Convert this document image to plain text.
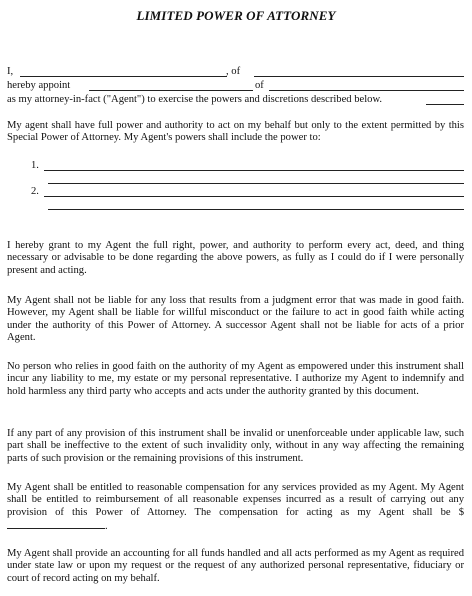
LIMITED POWER OF ATTORNEY
I,	, of
hereby appoint	of
as my attorney-in-fact ("Agent") to exercise the powers and discretions described below.
My agent shall have full power and authority to act on my behalf but only to the extent permitted by this Special Power of Attorney. My Agent's powers shall include the power to:
1.
2.
I hereby grant to my Agent the full right, power, and authority to perform every act, deed, and thing necessary or advisable to be done regarding the above powers, as fully as I could do if I were personally present and acting.
My Agent shall not be liable for any loss that results from a judgment error that was made in good faith. However, my Agent shall be liable for willful misconduct or the failure to act in good faith while acting under the authority of this Power of Attorney. A successor Agent shall not be liable for acts of a prior Agent.
No person who relies in good faith on the authority of my Agent as empowered under this instrument shall incur any liability to me, my estate or my personal representative. I authorize my Agent to indemnify and hold harmless any third party who accepts and acts under the authority granted by this document.
If any part of any provision of this instrument shall be invalid or unenforceable under applicable law, such part shall be ineffective to the extent of such invalidity only, without in any way affecting the remaining parts of such provision or the remaining provisions of this instrument.
My Agent shall be entitled to reasonable compensation for any services provided as my Agent. My Agent shall be entitled to reimbursement of all reasonable expenses incurred as a result of carrying out any provision of this Power of Attorney. The compensation for acting as my Agent shall be $.
My Agent shall provide an accounting for all funds handled and all acts performed as my Agent as required under state law or upon my request or the request of any authorized personal representative, fiduciary or court of record acting on my behalf.
